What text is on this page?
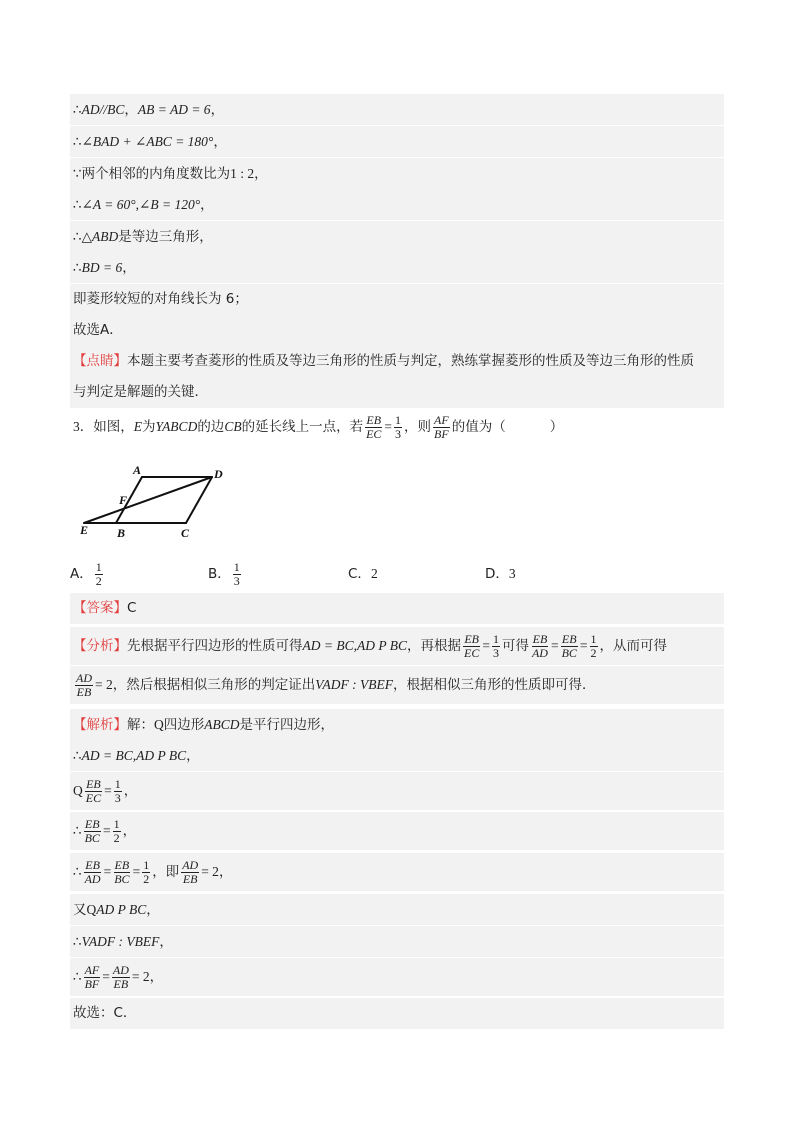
∴AD//BC，AB = AD = 6，
∴∠BAD + ∠ABC = 180°，
∵两个相邻的内角度数比为1 : 2，
∴∠A = 60°,∠B = 120°，
∴△ABD是等边三角形，
∴BD = 6，
即菱形较短的对角线长为 6；
故选A．
【点睛】本题主要考查菱形的性质及等边三角形的性质与判定，熟练掌握菱形的性质及等边三角形的性质
与判定是解题的关键．
3．如图，E为YABCD的边CB的延长线上一点，若 $\frac{EB}{EC} = \frac{1}{3}$ ，则 $\frac{AF}{BF}$ 的值为（	）
A	D
F
E B	C
A． $\frac{1}{2}$	B． $\frac{1}{3}$	C．2	D．3
【答案】C
【分析】先根据平行四边形的性质可得AD = BC,AD P BC，再根据 $\frac{EB}{EC} = \frac{1}{3}$ 可得 $\frac{EB}{AD} = \frac{EB}{BC} = \frac{1}{2}$ ，从而可得
$\frac{AD}{EB} = 2$，然后根据相似三角形的判定证出VADF : VBEF，根据相似三角形的性质即可得．
【解析】解：Q四边形ABCD是平行四边形，
∴AD = BC,AD P BC，
Q $\frac{EB}{EC} = \frac{1}{3}$ ，
∴ $\frac{EB}{BC} = \frac{1}{2}$ ，
∴ $\frac{EB}{AD} = \frac{EB}{BC} = \frac{1}{2}$ ，即 $\frac{AD}{EB} = 2$，
又QAD P BC，
∴VADF : VBEF，
∴ $\frac{AF}{BF} = \frac{AD}{EB} = 2$，
故选：C．
